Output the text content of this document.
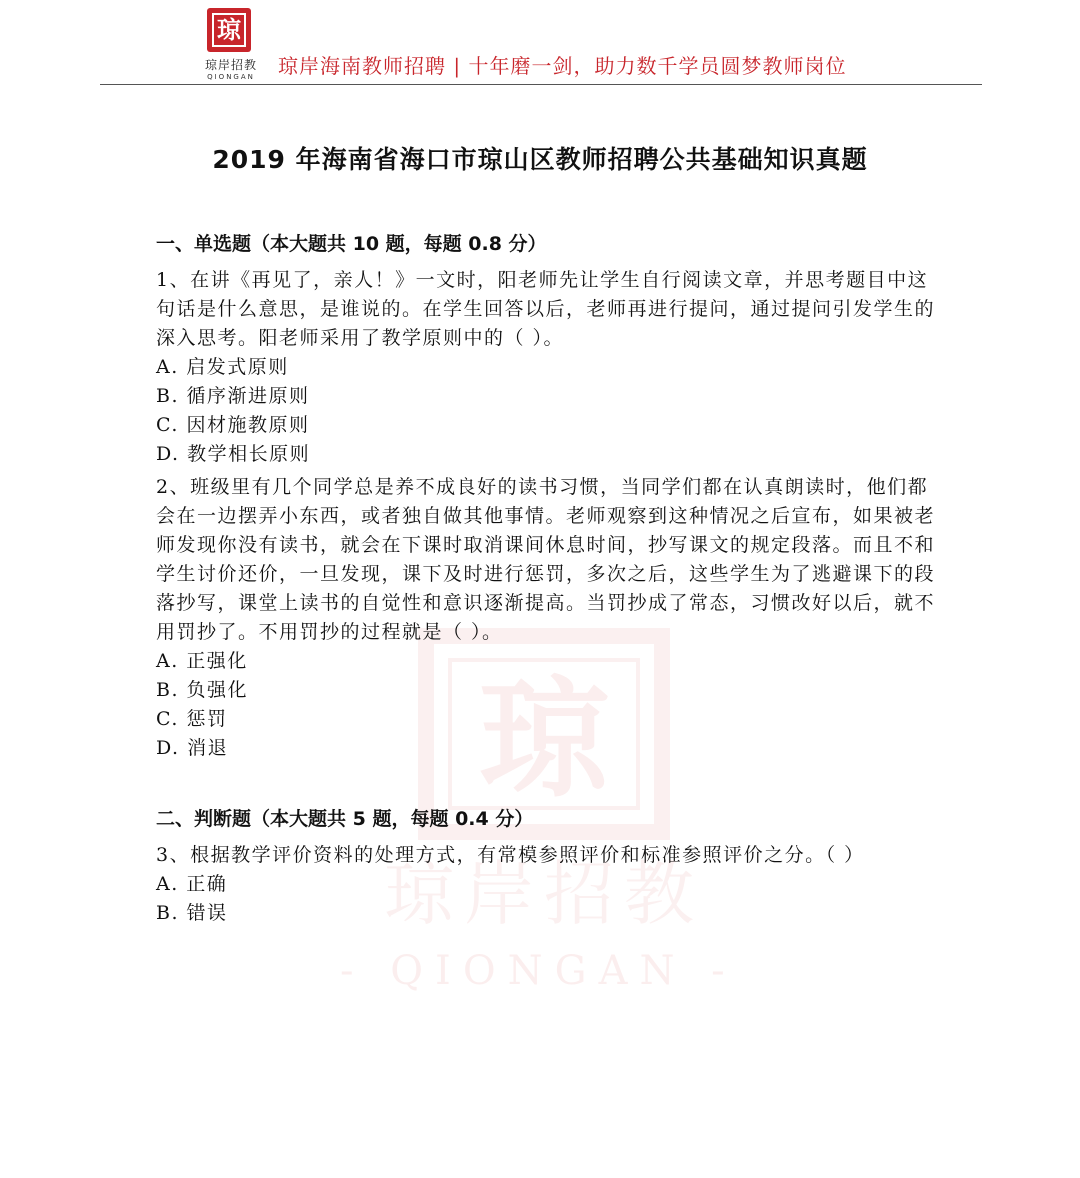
琼
琼岸招教
- QIONGAN -
琼
琼岸招教
QIONGAN	琼岸海南教师招聘 | 十年磨一剑，助力数千学员圆梦教师岗位
2019 年海南省海口市琼山区教师招聘公共基础知识真题
一、单选题（本大题共 10 题，每题 0.8 分）

1、在讲《再见了，亲人！》一文时，阳老师先让学生自行阅读文章，并思考题目中这句话是什么意思，是谁说的。在学生回答以后，老师再进行提问，通过提问引发学生的深入思考。阳老师采用了教学原则中的（ ）。

A. 启发式原则
B. 循序渐进原则
C. 因材施教原则
D. 教学相长原则

2、班级里有几个同学总是养不成良好的读书习惯，当同学们都在认真朗读时，他们都会在一边摆弄小东西，或者独自做其他事情。老师观察到这种情况之后宣布，如果被老师发现你没有读书，就会在下课时取消课间休息时间，抄写课文的规定段落。而且不和学生讨价还价，一旦发现，课下及时进行惩罚，多次之后，这些学生为了逃避课下的段落抄写，课堂上读书的自觉性和意识逐渐提高。当罚抄成了常态，习惯改好以后，就不用罚抄了。不用罚抄的过程就是（ ）。

A. 正强化
B. 负强化
C. 惩罚
D. 消退
二、判断题（本大题共 5 题，每题 0.4 分）

3、根据教学评价资料的处理方式，有常模参照评价和标准参照评价之分。（ ）

A. 正确
B. 错误
